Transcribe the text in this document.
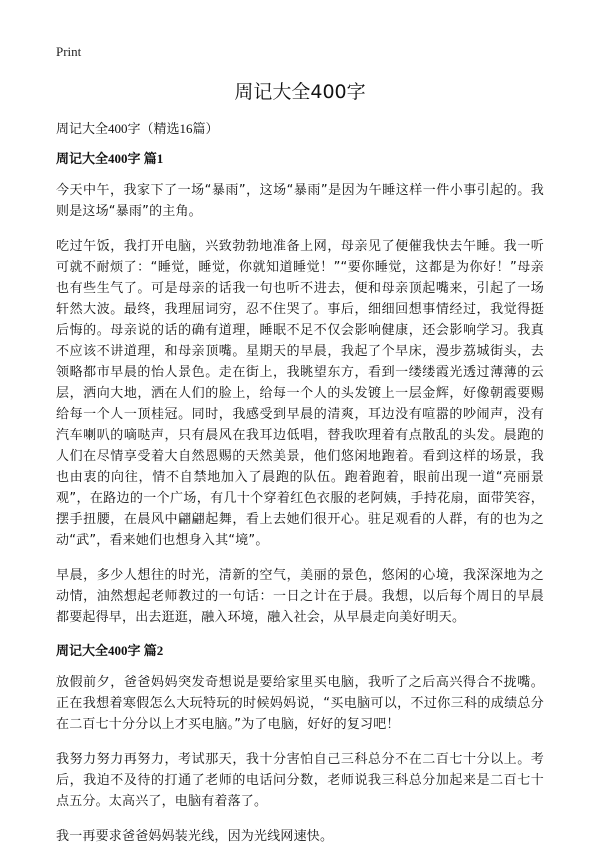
Print
周记大全400字

周记大全400字（精选16篇）

周记大全400字 篇1

今天中午，我家下了一场“暴雨”，这场“暴雨”是因为午睡这样一件小事引起的。我则是这场“暴雨”的主角。

吃过午饭，我打开电脑，兴致勃勃地准备上网，母亲见了便催我快去午睡。我一听可就不耐烦了：“睡觉，睡觉，你就知道睡觉！”“要你睡觉，这都是为你好！”母亲也有些生气了。可是母亲的话我一句也听不进去，便和母亲顶起嘴来，引起了一场轩然大波。最终，我理屈词穷，忍不住哭了。事后，细细回想事情经过，我觉得挺后悔的。母亲说的话的确有道理，睡眠不足不仅会影响健康，还会影响学习。我真不应该不讲道理，和母亲顶嘴。星期天的早晨，我起了个早床，漫步荔城街头，去领略都市早晨的怡人景色。走在街上，我眺望东方，看到一缕缕霞光透过薄薄的云层，洒向大地，洒在人们的脸上，给每一个人的头发镀上一层金辉，好像朝霞要赐给每一个人一顶桂冠。同时，我感受到早晨的清爽，耳边没有喧嚣的吵闹声，没有汽车喇叭的嘀哒声，只有晨风在我耳边低唱，替我吹理着有点散乱的头发。晨跑的人们在尽情享受着大自然恩赐的天然美景，他们悠闲地跑着。看到这样的场景，我也由衷的向往，情不自禁地加入了晨跑的队伍。跑着跑着，眼前出现一道“亮丽景观”，在路边的一个广场，有几十个穿着红色衣服的老阿姨，手持花扇，面带笑容，摆手扭腰，在晨风中翩翩起舞，看上去她们很开心。驻足观看的人群，有的也为之动“武”，看来她们也想身入其“境”。

早晨，多少人想往的时光，清新的空气，美丽的景色，悠闲的心境，我深深地为之动情，油然想起老师教过的一句话：一日之计在于晨。我想，以后每个周日的早晨都要起得早，出去逛逛，融入环境，融入社会，从早晨走向美好明天。

周记大全400字 篇2

放假前夕，爸爸妈妈突发奇想说是要给家里买电脑，我听了之后高兴得合不拢嘴。正在我想着寒假怎么大玩特玩的时候妈妈说，“买电脑可以，不过你三科的成绩总分在二百七十分分以上才买电脑。”为了电脑，好好的复习吧！

我努力努力再努力，考试那天，我十分害怕自己三科总分不在二百七十分以上。考后，我迫不及待的打通了老师的电话问分数，老师说我三科总分加起来是二百七十点五分。太高兴了，电脑有着落了。

我一再要求爸爸妈妈装光线，因为光线网速快。
